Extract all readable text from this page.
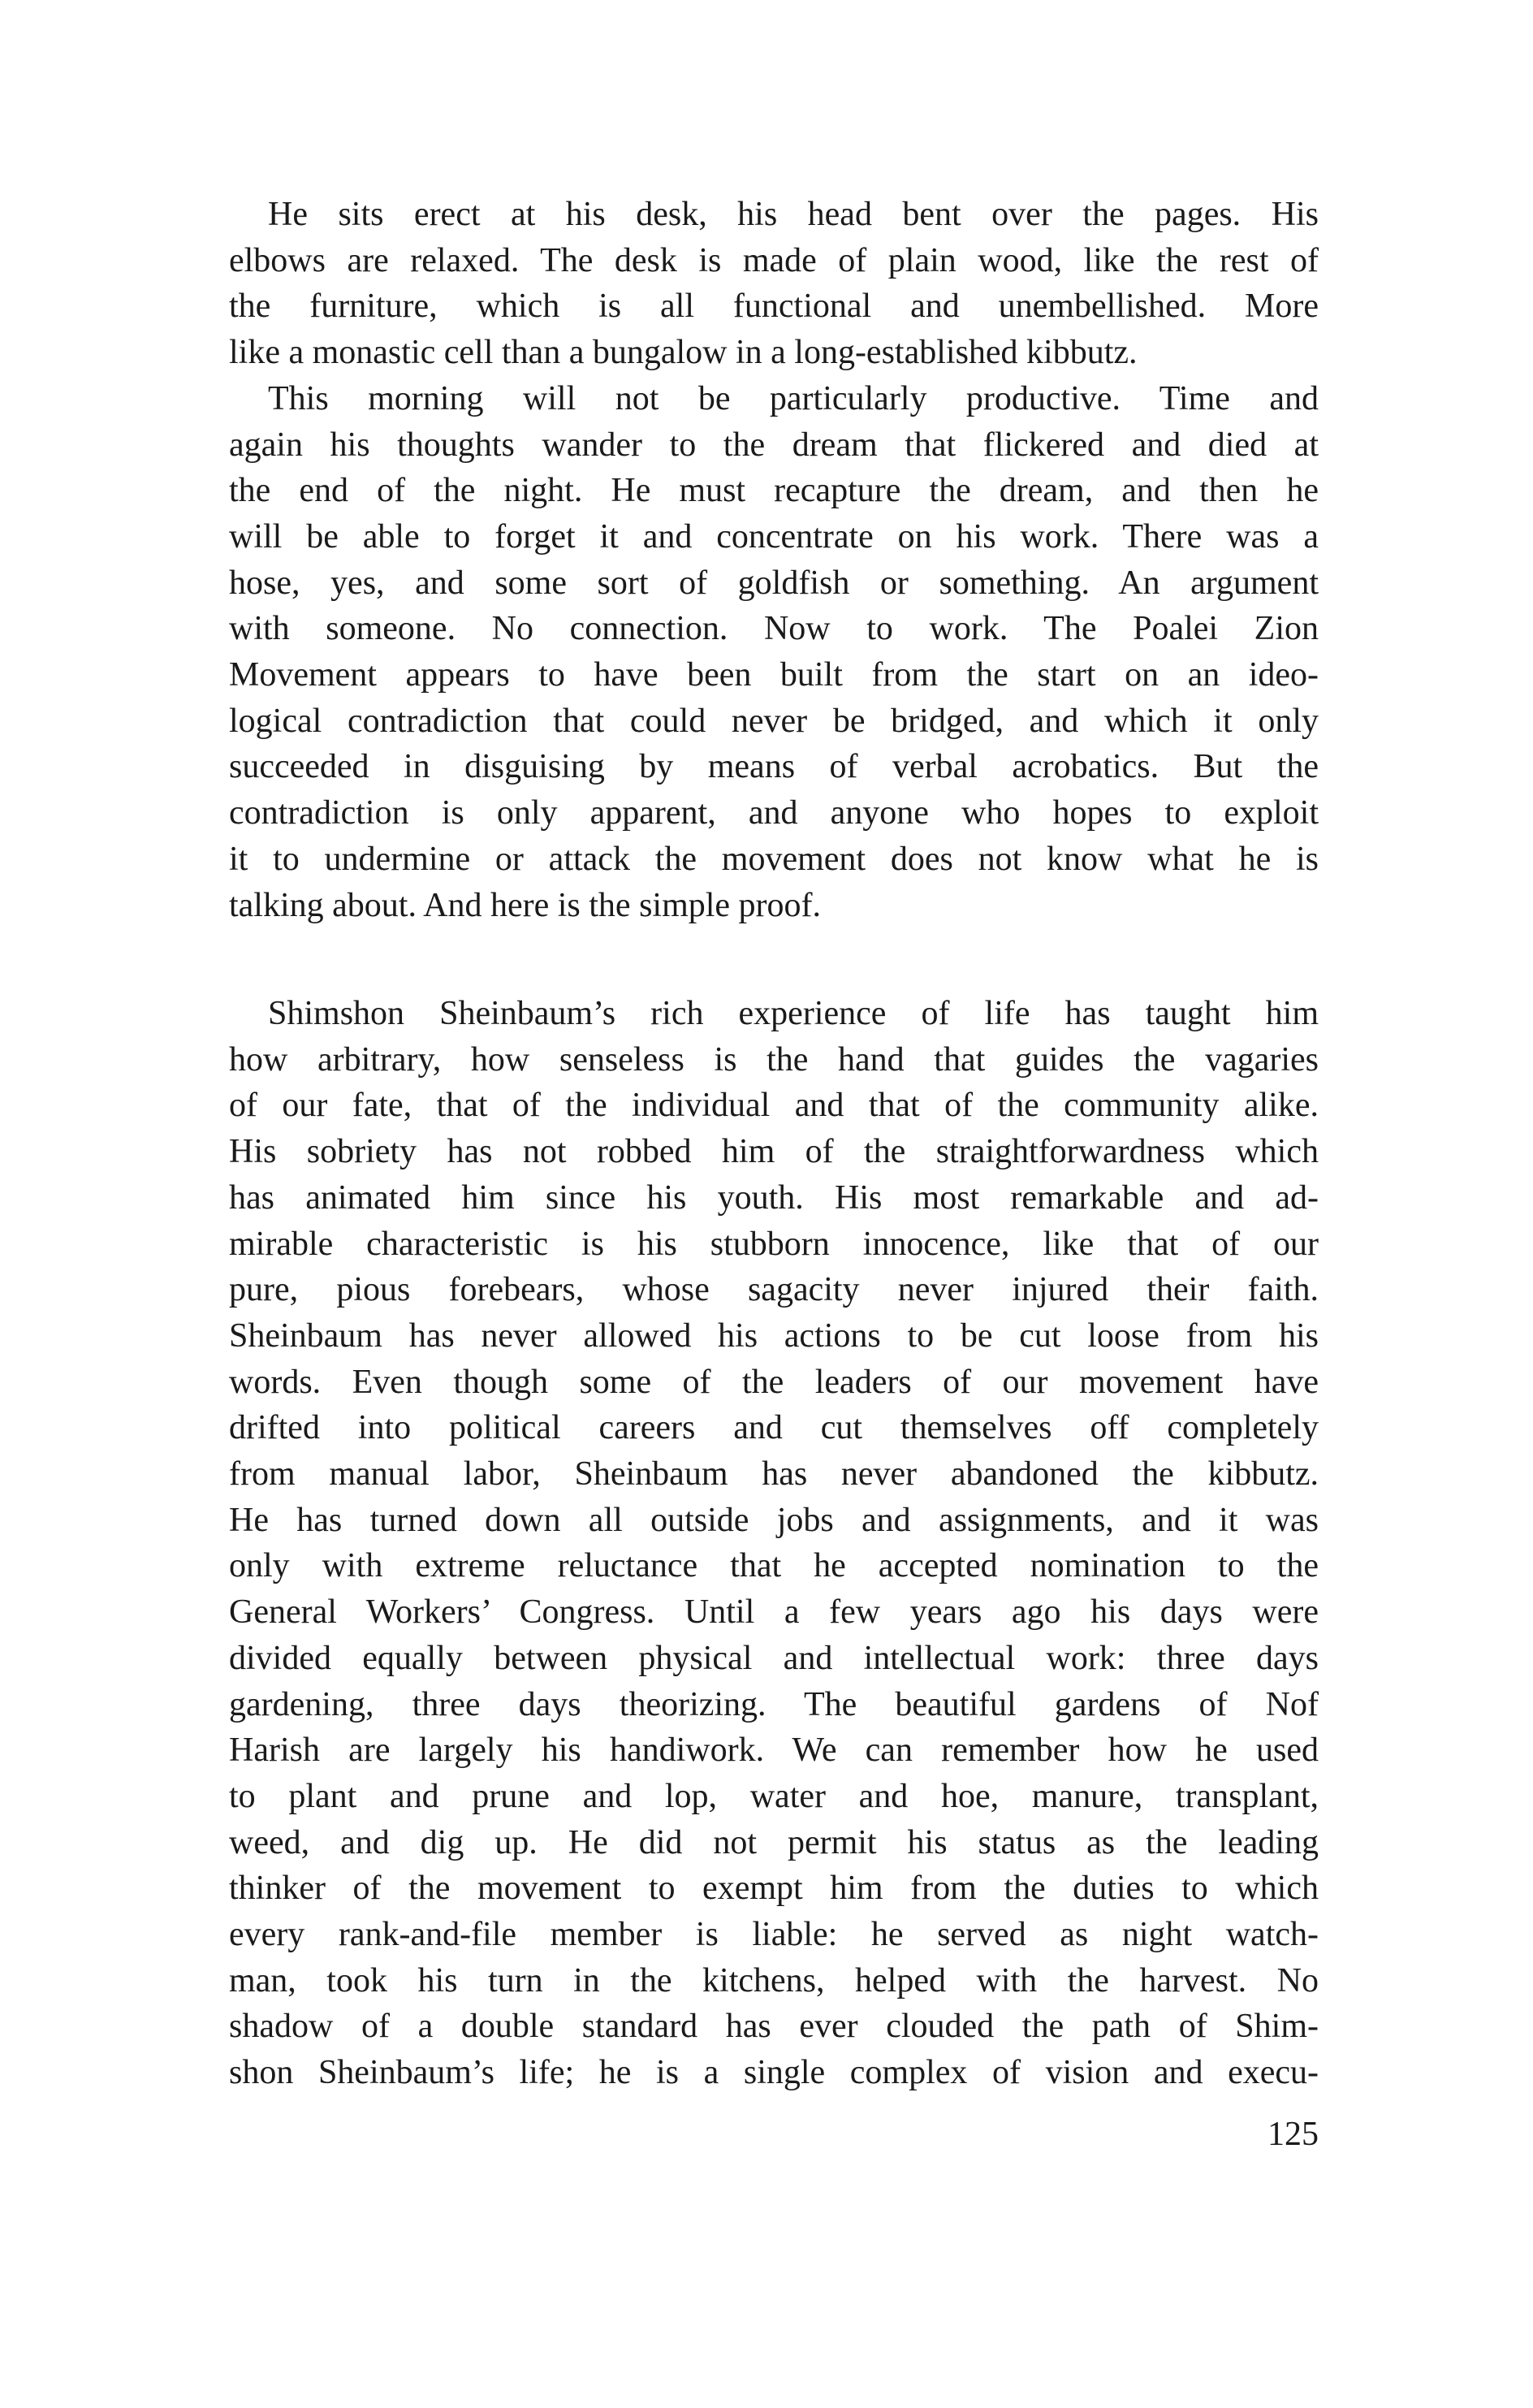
He sits erect at his desk, his head bent over the pages. His
elbows are relaxed. The desk is made of plain wood, like the rest of
the furniture, which is all functional and unembellished. More
like a monastic cell than a bungalow in a long-established kibbutz.
This morning will not be particularly productive. Time and
again his thoughts wander to the dream that flickered and died at
the end of the night. He must recapture the dream, and then he
will be able to forget it and concentrate on his work. There was a
hose, yes, and some sort of goldfish or something. An argument
with someone. No connection. Now to work. The Poalei Zion
Movement appears to have been built from the start on an ideo-
logical contradiction that could never be bridged, and which it only
succeeded in disguising by means of verbal acrobatics. But the
contradiction is only apparent, and anyone who hopes to exploit
it to undermine or attack the movement does not know what he is
talking about. And here is the simple proof.
Shimshon Sheinbaum’s rich experience of life has taught him
how arbitrary, how senseless is the hand that guides the vagaries
of our fate, that of the individual and that of the community alike.
His sobriety has not robbed him of the straightforwardness which
has animated him since his youth. His most remarkable and ad-
mirable characteristic is his stubborn innocence, like that of our
pure, pious forebears, whose sagacity never injured their faith.
Sheinbaum has never allowed his actions to be cut loose from his
words. Even though some of the leaders of our movement have
drifted into political careers and cut themselves off completely
from manual labor, Sheinbaum has never abandoned the kibbutz.
He has turned down all outside jobs and assignments, and it was
only with extreme reluctance that he accepted nomination to the
General Workers’ Congress. Until a few years ago his days were
divided equally between physical and intellectual work: three days
gardening, three days theorizing. The beautiful gardens of Nof
Harish are largely his handiwork. We can remember how he used
to plant and prune and lop, water and hoe, manure, transplant,
weed, and dig up. He did not permit his status as the leading
thinker of the movement to exempt him from the duties to which
every rank-and-file member is liable: he served as night watch-
man, took his turn in the kitchens, helped with the harvest. No
shadow of a double standard has ever clouded the path of Shim-
shon Sheinbaum’s life; he is a single complex of vision and execu-
125
